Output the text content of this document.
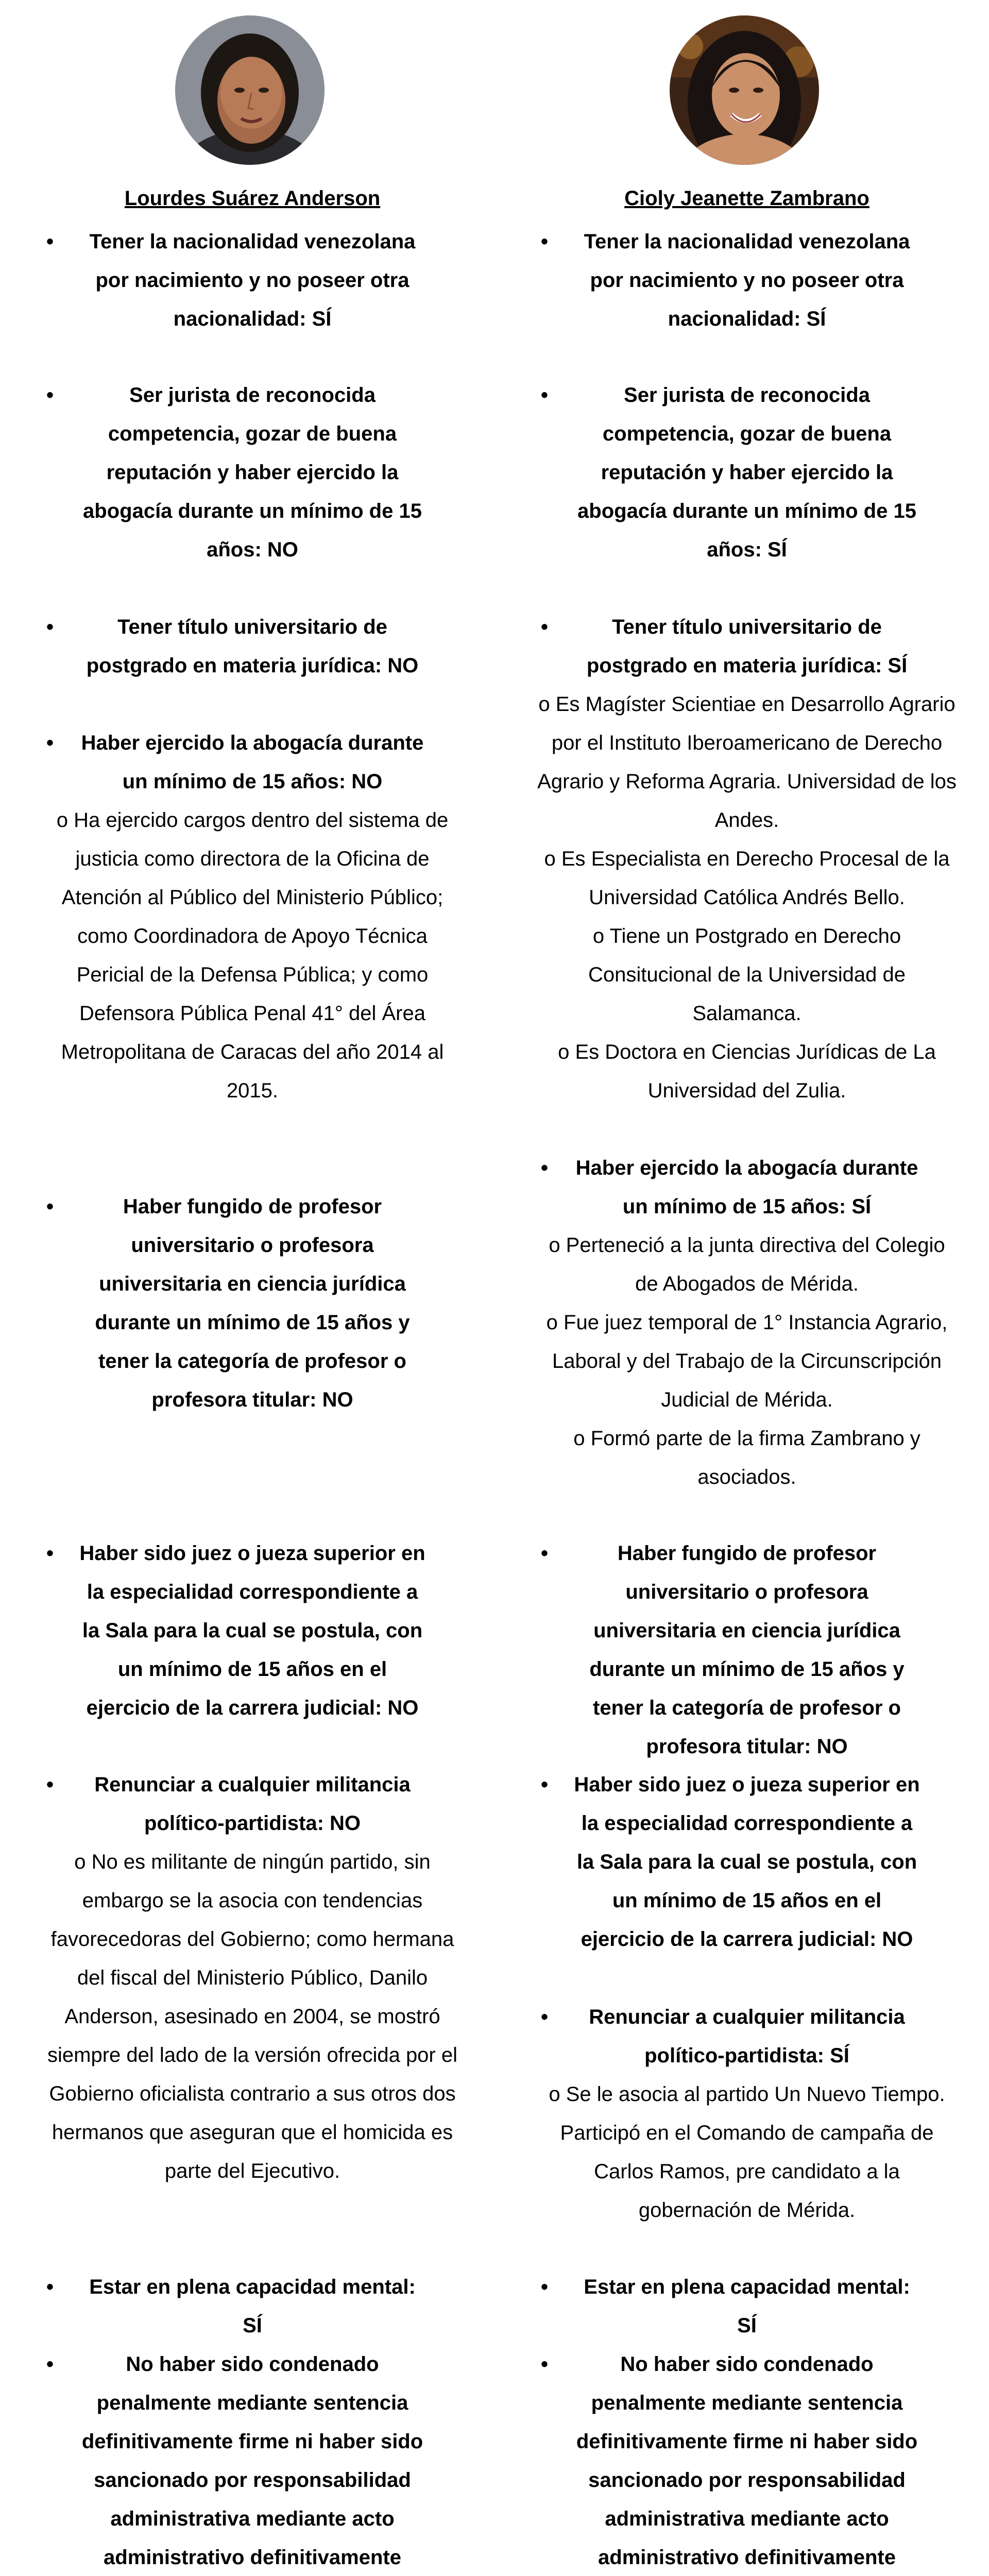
Lourdes Suárez Anderson
• Tener la nacionalidad venezolana por nacimiento y no poseer otra nacionalidad: SÍ
•	Ser jurista de reconocida competencia, gozar de buena reputación y haber ejercido la abogacía durante un mínimo de 15 años: NO
•	Tener título universitario de postgrado en materia jurídica: NO
• Haber ejercido la abogacía durante un mínimo de 15 años: NO
o Ha ejercido cargos dentro del sistema de justicia como directora de la Oficina de Atención al Público del Ministerio Público; como Coordinadora de Apoyo Técnica Pericial de la Defensa Pública; y como Defensora Pública Penal 41° del Área Metropolitana de Caracas del año 2014 al 2015.
•	Haber fungido de profesor universitario o profesora universitaria en ciencia jurídica durante un mínimo de 15 años y tener la categoría de profesor o profesora titular: NO
• Haber sido juez o jueza superior en la especialidad correspondiente a la Sala para la cual se postula, con un mínimo de 15 años en el ejercicio de la carrera judicial: NO
• Renunciar a cualquier militancia político-partidista: NO
o No es militante de ningún partido, sin embargo se la asocia con tendencias favorecedoras del Gobierno; como hermana del fiscal del Ministerio Público, Danilo Anderson, asesinado en 2004, se mostró siempre del lado de la versión ofrecida por el Gobierno oficialista contrario a sus otros dos hermanos que aseguran que el homicida es parte del Ejecutivo.
• Estar en plena capacidad mental: SÍ
•	No haber sido condenado penalmente mediante sentencia definitivamente firme ni haber sido sancionado por responsabilidad administrativa mediante acto administrativo definitivamente
Cioly Jeanette Zambrano
• Tener la nacionalidad venezolana por nacimiento y no poseer otra nacionalidad: SÍ
•	Ser jurista de reconocida competencia, gozar de buena reputación y haber ejercido la abogacía durante un mínimo de 15 años: SÍ
•	Tener título universitario de postgrado en materia jurídica: SÍ
o Es Magíster Scientiae en Desarrollo Agrario por el Instituto Iberoamericano de Derecho Agrario y Reforma Agraria. Universidad de los Andes.
o Es Especialista en Derecho Procesal de la Universidad Católica Andrés Bello.
o Tiene un Postgrado en Derecho Consitucional de la Universidad de Salamanca.
o Es Doctora en Ciencias Jurídicas de La Universidad del Zulia.
• Haber ejercido la abogacía durante un mínimo de 15 años: SÍ
o Perteneció a la junta directiva del Colegio de Abogados de Mérida.
o Fue juez temporal de 1° Instancia Agrario, Laboral y del Trabajo de la Circunscripción Judicial de Mérida.
o Formó parte de la firma Zambrano y asociados.
•	Haber fungido de profesor universitario o profesora universitaria en ciencia jurídica durante un mínimo de 15 años y tener la categoría de profesor o profesora titular: NO
• Haber sido juez o jueza superior en la especialidad correspondiente a la Sala para la cual se postula, con un mínimo de 15 años en el ejercicio de la carrera judicial: NO
• Renunciar a cualquier militancia político-partidista: SÍ
o Se le asocia al partido Un Nuevo Tiempo. Participó en el Comando de campaña de Carlos Ramos, pre candidato a la gobernación de Mérida.
• Estar en plena capacidad mental: SÍ
•	No haber sido condenado penalmente mediante sentencia definitivamente firme ni haber sido sancionado por responsabilidad administrativa mediante acto administrativo definitivamente
